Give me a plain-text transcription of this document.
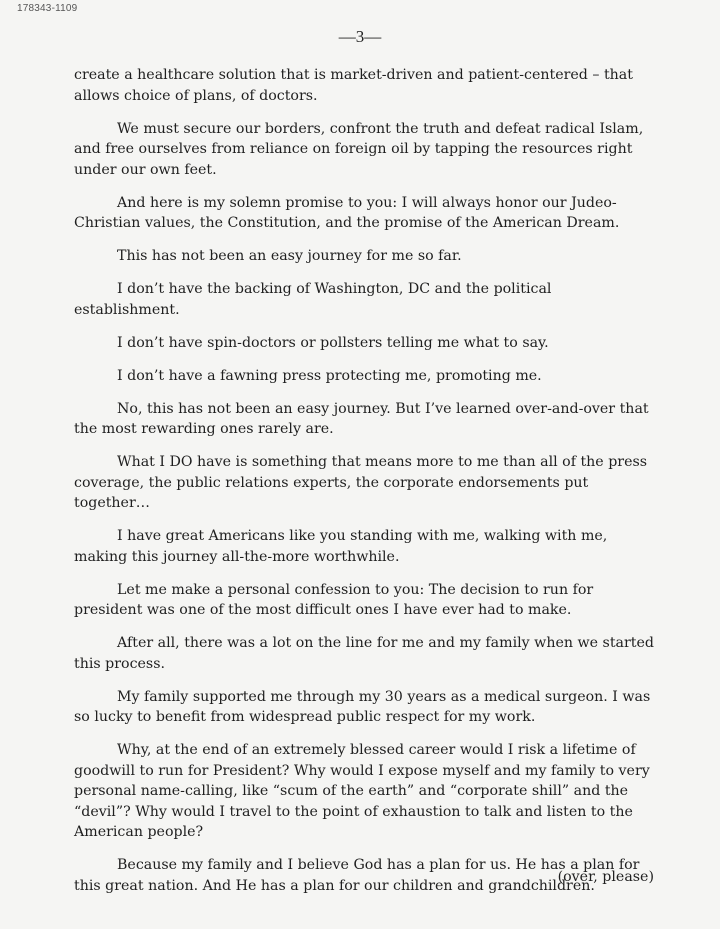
178343-1109
—3—

create a healthcare solution that is market-driven and patient-centered – that allows choice of plans, of doctors.

We must secure our borders, confront the truth and defeat radical Islam, and free ourselves from reliance on foreign oil by tapping the resources right under our own feet.

And here is my solemn promise to you: I will always honor our Judeo-Christian values, the Constitution, and the promise of the American Dream.

This has not been an easy journey for me so far.

I don’t have the backing of Washington, DC and the political establishment.

I don’t have spin-doctors or pollsters telling me what to say.

I don’t have a fawning press protecting me, promoting me.

No, this has not been an easy journey. But I’ve learned over-and-over that the most rewarding ones rarely are.

What I DO have is something that means more to me than all of the press coverage, the public relations experts, the corporate endorsements put together…

I have great Americans like you standing with me, walking with me, making this journey all-the-more worthwhile.

Let me make a personal confession to you: The decision to run for president was one of the most difficult ones I have ever had to make.

After all, there was a lot on the line for me and my family when we started this process.

My family supported me through my 30 years as a medical surgeon. I was so lucky to benefit from widespread public respect for my work.

Why, at the end of an extremely blessed career would I risk a lifetime of goodwill to run for President? Why would I expose myself and my family to very personal name-calling, like “scum of the earth” and “corporate shill” and the “devil”? Why would I travel to the point of exhaustion to talk and listen to the American people?

Because my family and I believe God has a plan for us. He has a plan for this great nation. And He has a plan for our children and grandchildren.

(over, please)
